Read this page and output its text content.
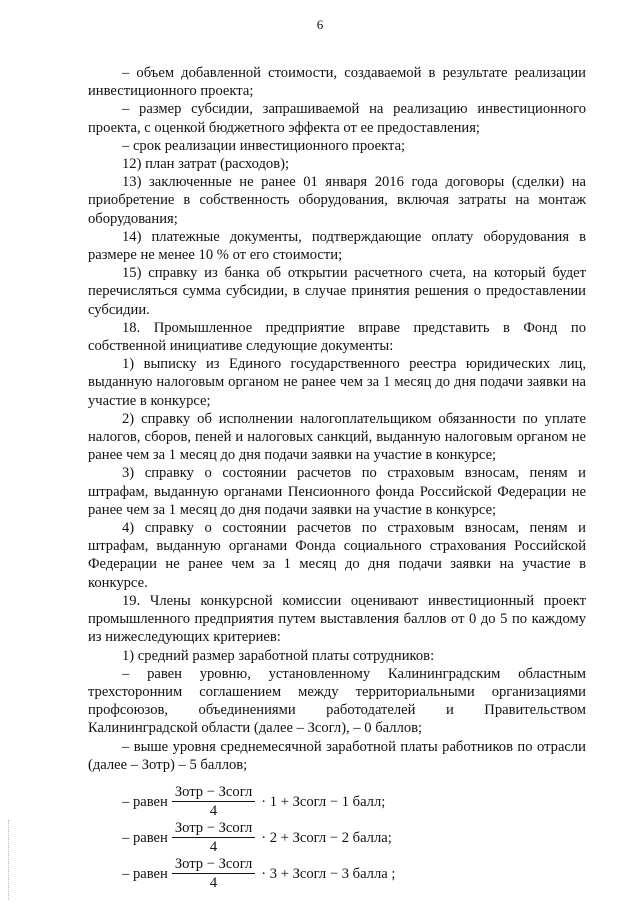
6

– объем добавленной стоимости, создаваемой в результате реализации инвестиционного проекта;

– размер субсидии, запрашиваемой на реализацию инвестиционного проекта, с оценкой бюджетного эффекта от ее предоставления;

– срок реализации инвестиционного проекта;

12) план затрат (расходов);

13) заключенные не ранее 01 января 2016 года договоры (сделки) на приобретение в собственность оборудования, включая затраты на монтаж оборудования;

14) платежные документы, подтверждающие оплату оборудования в размере не менее 10 % от его стоимости;

15) справку из банка об открытии расчетного счета, на который будет перечисляться сумма субсидии, в случае принятия решения о предоставлении субсидии.

18. Промышленное предприятие вправе представить в Фонд по собственной инициативе следующие документы:

1) выписку из Единого государственного реестра юридических лиц, выданную налоговым органом не ранее чем за 1 месяц до дня подачи заявки на участие в конкурсе;

2) справку об исполнении налогоплательщиком обязанности по уплате налогов, сборов, пеней и налоговых санкций, выданную налоговым органом не ранее чем за 1 месяц до дня подачи заявки на участие в конкурсе;

3) справку о состоянии расчетов по страховым взносам, пеням и штрафам, выданную органами Пенсионного фонда Российской Федерации не ранее чем за 1 месяц до дня подачи заявки на участие в конкурсе;

4) справку о состоянии расчетов по страховым взносам, пеням и штрафам, выданную органами Фонда социального страхования Российской Федерации не ранее чем за 1 месяц до дня подачи заявки на участие в конкурсе.

19. Члены конкурсной комиссии оценивают инвестиционный проект промышленного предприятия путем выставления баллов от 0 до 5 по каждому из нижеследующих критериев:

1) средний размер заработной платы сотрудников:

– равен уровню, установленному Калининградским областным трехсторонним соглашением между территориальными организациями профсоюзов, объединениями работодателей и Правительством Калининградской области (далее – Зсогл), – 0 баллов;

– выше уровня среднемесячной заработной платы работников по отрасли (далее – Зотр) – 5 баллов;

– равен $\frac{\text{Зотр − Зсогл}}{4} \cdot 1$ + Зсогл − 1 балл;
– равен $\frac{\text{Зотр − Зсогл}}{4} \cdot 2$ + Зсогл − 2 балла;
– равен $\frac{\text{Зотр − Зсогл}}{4} \cdot 3$ + Зсогл − 3 балла ;
